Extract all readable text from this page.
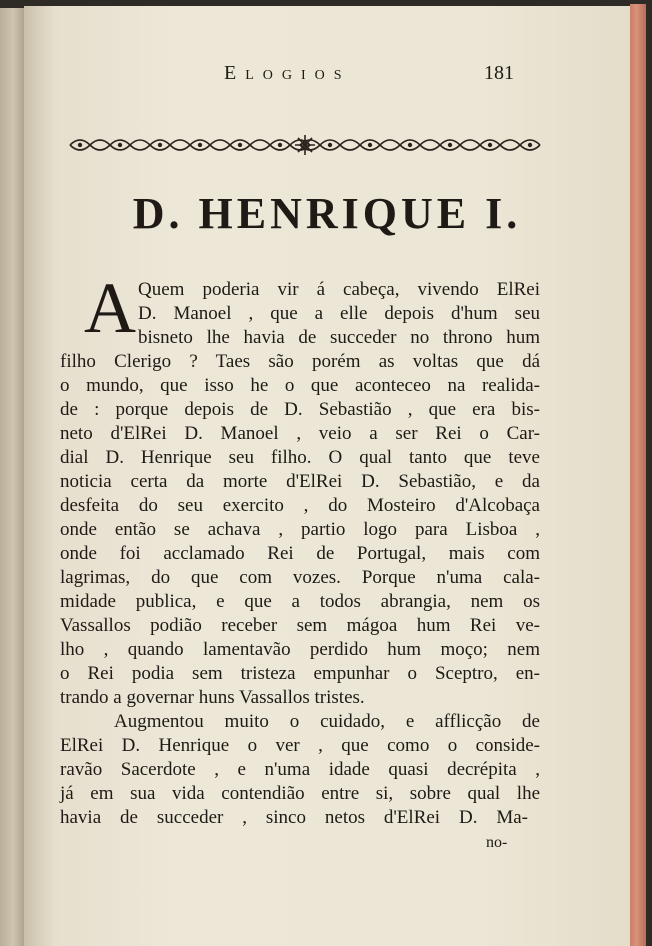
Elogios	181
D. HENRIQUE I.
A Quem poderia vir á cabeça, vivendo ElRei
D. Manoel , que a elle depois d'hum seu
bisneto lhe havia de succeder no throno hum
filho Clerigo ? Taes são porém as voltas que dá
o mundo, que isso he o que aconteceo na realida-
de : porque depois de D. Sebastião , que era bis-
neto d'ElRei D. Manoel , veio a ser Rei o Car-
dial D. Henrique seu filho. O qual tanto que teve
noticia certa da morte d'ElRei D. Sebastião, e da
desfeita do seu exercito , do Mosteiro d'Alcobaça
onde então se achava , partio logo para Lisboa ,
onde foi acclamado Rei de Portugal, mais com
lagrimas, do que com vozes. Porque n'uma cala-
midade publica, e que a todos abrangia, nem os
Vassallos podião receber sem mágoa hum Rei ve-
lho , quando lamentavão perdido hum moço; nem
o Rei podia sem tristeza empunhar o Sceptro, en-
trando a governar huns Vassallos tristes.
Augmentou muito o cuidado, e afflicção de
ElRei D. Henrique o ver , que como o conside-
ravão Sacerdote , e n'uma idade quasi decrépita ,
já em sua vida contendião entre si, sobre qual lhe
havia de succeder , sinco netos d'ElRei D. Ma-
no-
